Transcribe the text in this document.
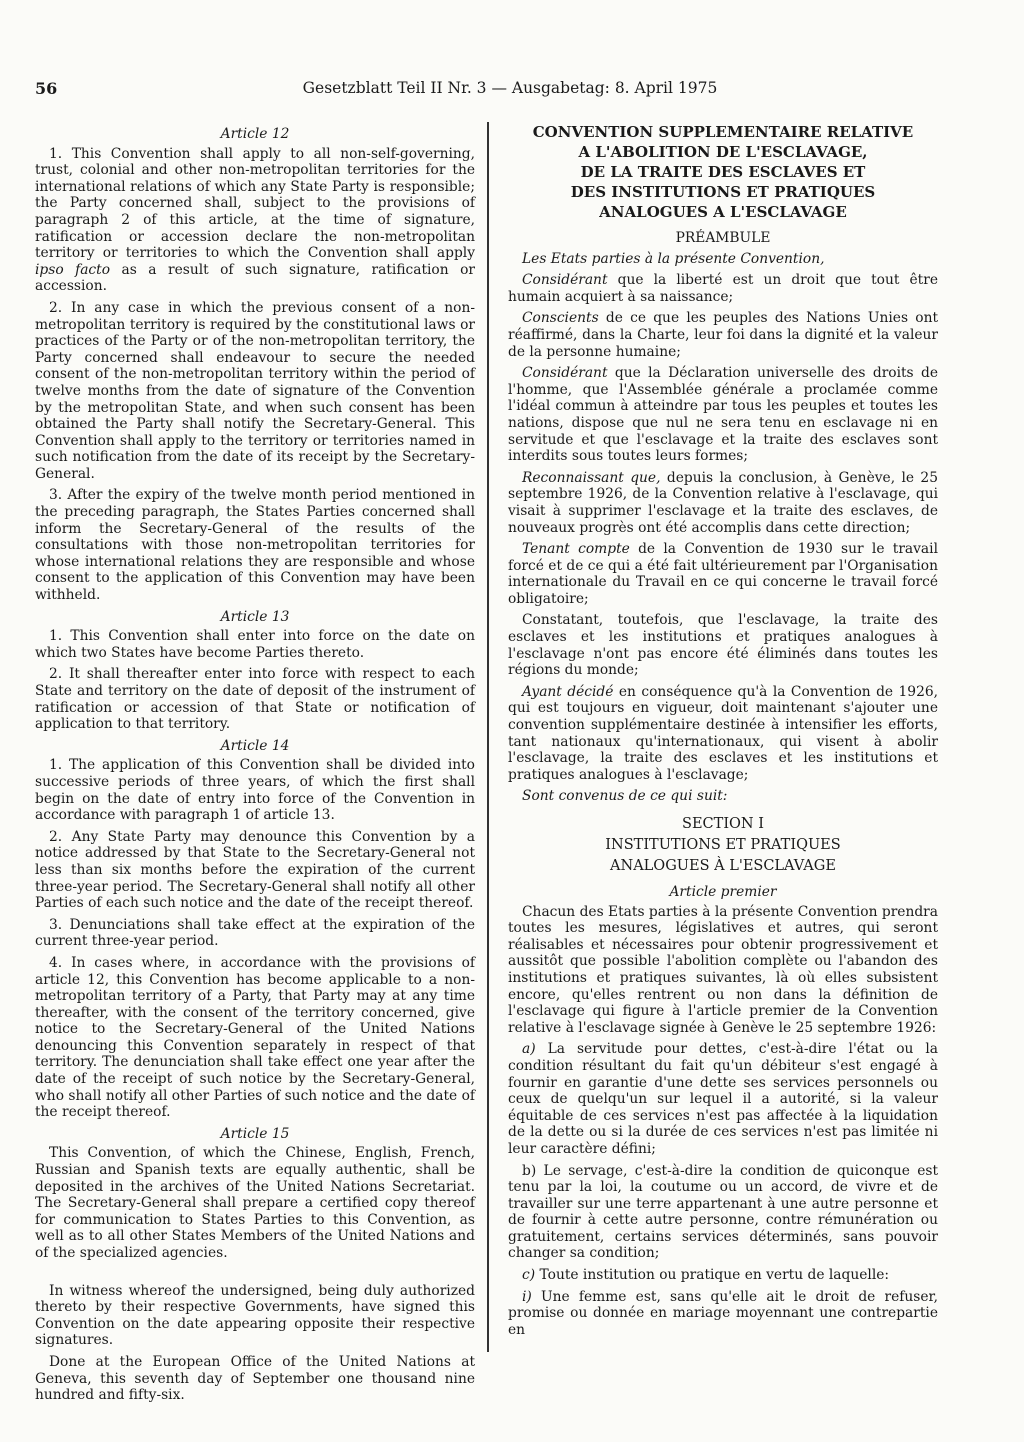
56	Gesetzblatt Teil II Nr. 3 — Ausgabetag: 8. April 1975
Article 12

1. This Convention shall apply to all non-self-governing, trust, colonial and other non-metropolitan territories for the international relations of which any State Party is responsible; the Party concerned shall, subject to the provisions of paragraph 2 of this article, at the time of signature, ratification or accession declare the non-metropolitan territory or territories to which the Convention shall apply ipso facto as a result of such signature, ratification or accession.

2. In any case in which the previous consent of a non-metropolitan territory is required by the constitutional laws or practices of the Party or of the non-metropolitan territory, the Party concerned shall endeavour to secure the needed consent of the non-metropolitan territory within the period of twelve months from the date of signature of the Convention by the metropolitan State, and when such consent has been obtained the Party shall notify the Secretary-General. This Convention shall apply to the territory or territories named in such notification from the date of its receipt by the Secretary-General.

3. After the expiry of the twelve month period mentioned in the preceding paragraph, the States Parties concerned shall inform the Secretary-General of the results of the consultations with those non-metropolitan territories for whose international relations they are responsible and whose consent to the application of this Convention may have been withheld.

Article 13

1. This Convention shall enter into force on the date on which two States have become Parties thereto.

2. It shall thereafter enter into force with respect to each State and territory on the date of deposit of the instrument of ratification or accession of that State or notification of application to that territory.

Article 14

1. The application of this Convention shall be divided into successive periods of three years, of which the first shall begin on the date of entry into force of the Convention in accordance with paragraph 1 of article 13.

2. Any State Party may denounce this Convention by a notice addressed by that State to the Secretary-General not less than six months before the expiration of the current three-year period. The Secretary-General shall notify all other Parties of each such notice and the date of the receipt thereof.

3. Denunciations shall take effect at the expiration of the current three-year period.

4. In cases where, in accordance with the provisions of article 12, this Convention has become applicable to a non-metropolitan territory of a Party, that Party may at any time thereafter, with the consent of the territory concerned, give notice to the Secretary-General of the United Nations denouncing this Convention separately in respect of that territory. The denunciation shall take effect one year after the date of the receipt of such notice by the Secretary-General, who shall notify all other Parties of such notice and the date of the receipt thereof.

Article 15

This Convention, of which the Chinese, English, French, Russian and Spanish texts are equally authentic, shall be deposited in the archives of the United Nations Secretariat. The Secretary-General shall prepare a certified copy thereof for communication to States Parties to this Convention, as well as to all other States Members of the United Nations and of the specialized agencies.

In witness whereof the undersigned, being duly authorized thereto by their respective Governments, have signed this Convention on the date appearing opposite their respective signatures.

Done at the European Office of the United Nations at Geneva, this seventh day of September one thousand nine hundred and fifty-six.

CONVENTION SUPPLEMENTAIRE RELATIVE
A L'ABOLITION DE L'ESCLAVAGE,
DE LA TRAITE DES ESCLAVES ET
DES INSTITUTIONS ET PRATIQUES
ANALOGUES A L'ESCLAVAGE
PRÉAMBULE

Les Etats parties à la présente Convention,

Considérant que la liberté est un droit que tout être humain acquiert à sa naissance;

Conscients de ce que les peuples des Nations Unies ont réaffirmé, dans la Charte, leur foi dans la dignité et la valeur de la personne humaine;

Considérant que la Déclaration universelle des droits de l'homme, que l'Assemblée générale a proclamée comme l'idéal commun à atteindre par tous les peuples et toutes les nations, dispose que nul ne sera tenu en esclavage ni en servitude et que l'esclavage et la traite des esclaves sont interdits sous toutes leurs formes;

Reconnaissant que, depuis la conclusion, à Genève, le 25 septembre 1926, de la Convention relative à l'esclavage, qui visait à supprimer l'esclavage et la traite des esclaves, de nouveaux progrès ont été accomplis dans cette direction;

Tenant compte de la Convention de 1930 sur le travail forcé et de ce qui a été fait ultérieurement par l'Organisation internationale du Travail en ce qui concerne le travail forcé obligatoire;

Constatant, toutefois, que l'esclavage, la traite des esclaves et les institutions et pratiques analogues à l'esclavage n'ont pas encore été éliminés dans toutes les régions du monde;

Ayant décidé en conséquence qu'à la Convention de 1926, qui est toujours en vigueur, doit maintenant s'ajouter une convention supplémentaire destinée à intensifier les efforts, tant nationaux qu'internationaux, qui visent à abolir l'esclavage, la traite des esclaves et les institutions et pratiques analogues à l'esclavage;

Sont convenus de ce qui suit:

SECTION I
INSTITUTIONS ET PRATIQUES
ANALOGUES À L'ESCLAVAGE
Article premier

Chacun des Etats parties à la présente Convention prendra toutes les mesures, législatives et autres, qui seront réalisables et nécessaires pour obtenir progressivement et aussitôt que possible l'abolition complète ou l'abandon des institutions et pratiques suivantes, là où elles subsistent encore, qu'elles rentrent ou non dans la définition de l'esclavage qui figure à l'article premier de la Convention relative à l'esclavage signée à Genève le 25 septembre 1926:

a) La servitude pour dettes, c'est-à-dire l'état ou la condition résultant du fait qu'un débiteur s'est engagé à fournir en garantie d'une dette ses services personnels ou ceux de quelqu'un sur lequel il a autorité, si la valeur équitable de ces services n'est pas affectée à la liquidation de la dette ou si la durée de ces services n'est pas limitée ni leur caractère défini;

b) Le servage, c'est-à-dire la condition de quiconque est tenu par la loi, la coutume ou un accord, de vivre et de travailler sur une terre appartenant à une autre personne et de fournir à cette autre personne, contre rémunération ou gratuitement, certains services déterminés, sans pouvoir changer sa condition;

c) Toute institution ou pratique en vertu de laquelle:

i) Une femme est, sans qu'elle ait le droit de refuser, promise ou donnée en mariage moyennant une contrepartie en
